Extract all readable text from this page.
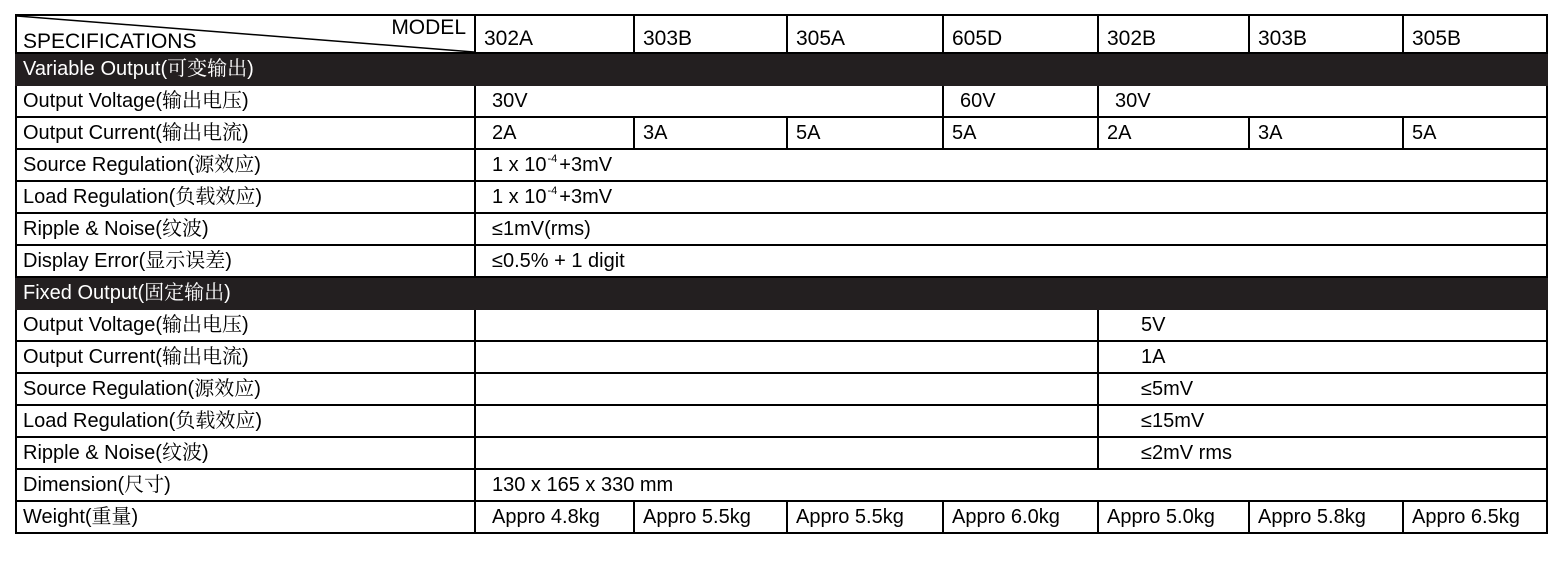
MODEL
SPECIFICATIONS	302A	303B	305A	605D	302B	303B	305B
Variable Output(可变输出)							
Output Voltage(输出电压)	30V			60V	30V		
Output Current(输出电流)	2A	3A	5A	5A	2A	3A	5A
Source Regulation(源效应)	1 x $10^{-4} +3mV$						
Load Regulation(负载效应)	1 x $10^{-4} +3mV$						
Ripple & Noise(纹波)	≤1mV(rms)						
Display Error(显示误差)	≤0.5% + 1 digit						
Fixed Output(固定输出)							
Output Voltage(输出电压)					5V		
Output Current(输出电流)					1A		
Source Regulation(源效应)					≤5mV		
Load Regulation(负载效应)					≤15mV		
Ripple & Noise(纹波)					≤2mV rms		
Dimension(尺寸)	130 x 165 x 330 mm						
Weight(重量)	Appro 4.8kg	Appro 5.5kg	Appro 5.5kg	Appro 6.0kg	Appro 5.0kg	Appro 5.8kg	Appro 6.5kg
